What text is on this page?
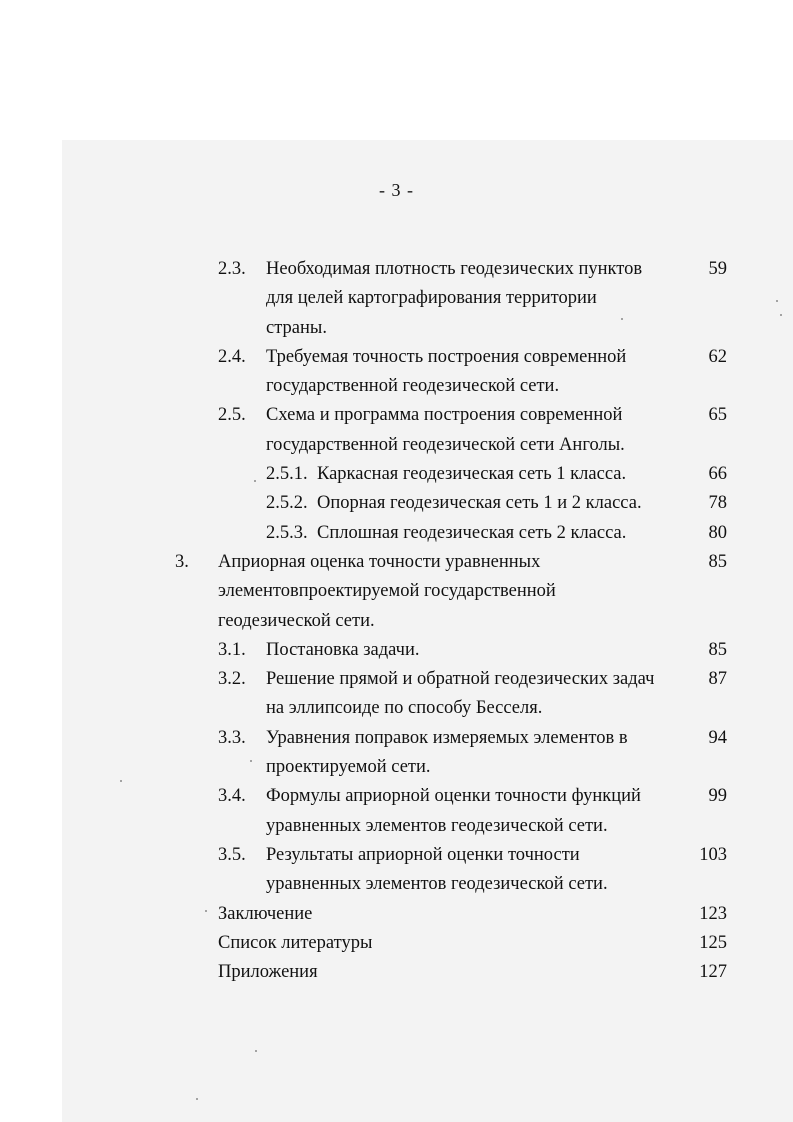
- 3 -
2.3. Необходимая плотность геодезических пунктов	59
для целей картографирования территории
страны.
2.4. Требуемая точность построения современной	62
государственной геодезической сети.
2.5. Схема и программа построения современной	65
государственной геодезической сети Анголы.
2.5.1. Каркасная геодезическая сеть 1 класса.	66
2.5.2. Опорная геодезическая сеть 1 и 2 класса.	78
2.5.3. Сплошная геодезическая сеть 2 класса.	80
3. Априорная оценка точности уравненных	85
элементовпроектируемой государственной
геодезической сети.
3.1. Постановка задачи.	85
3.2. Решение прямой и обратной геодезических задач	87
на эллипсоиде по способу Бесселя.
3.3. Уравнения поправок измеряемых элементов в	94
проектируемой сети.
3.4. Формулы априорной оценки точности функций	99
уравненных элементов геодезической сети.
3.5. Результаты априорной оценки точности	103
уравненных элементов геодезической сети.
Заключение	123
Список литературы	125
Приложения	127
